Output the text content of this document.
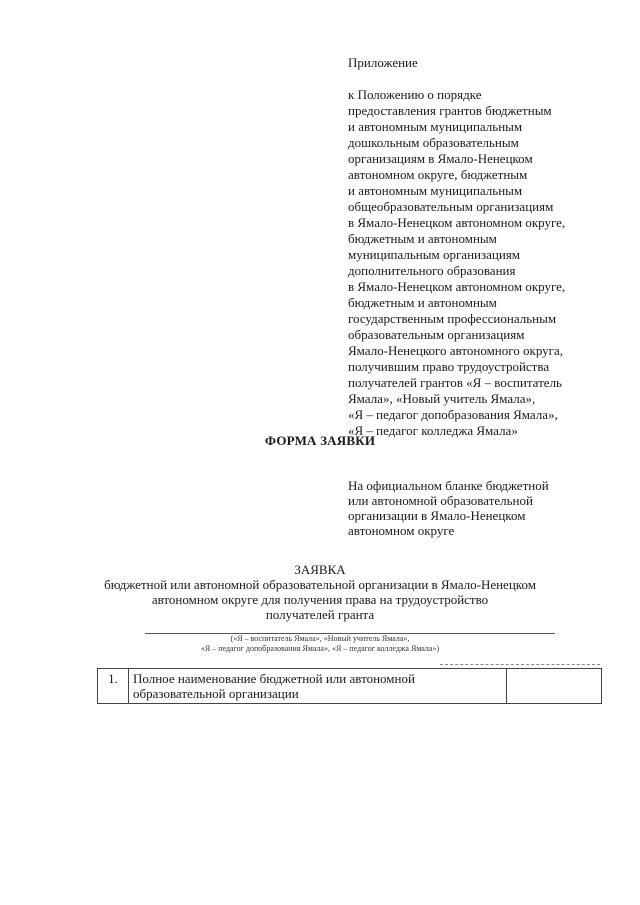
Приложение
к Положению о порядке
предоставления грантов бюджетным
и автономным муниципальным
дошкольным образовательным
организациям в Ямало-Ненецком
автономном округе, бюджетным
и автономным муниципальным
общеобразовательным организациям
в Ямало-Ненецком автономном округе,
бюджетным и автономным
муниципальным организациям
дополнительного образования
в Ямало-Ненецком автономном округе,
бюджетным и автономным
государственным профессиональным
образовательным организациям
Ямало-Ненецкого автономного округа,
получившим право трудоустройства
получателей грантов «Я – воспитатель
Ямала», «Новый учитель Ямала»,
«Я – педагог допобразования Ямала»,
«Я – педагог колледжа Ямала»
ФОРМА ЗАЯВКИ
На официальном бланке бюджетной
или автономной образовательной
организации в Ямало-Ненецком
автономном округе
ЗАЯВКА
бюджетной или автономной образовательной организации в Ямало-Ненецком
автономном округе для получения права на трудоустройство
получателей гранта
(«Я – воспитатель Ямала», «Новый учитель Ямала»,
«Я – педагог допобразования Ямала», «Я – педагог колледжа Ямала»)
1.	Полное наименование бюджетной или автономной
образовательной организации
